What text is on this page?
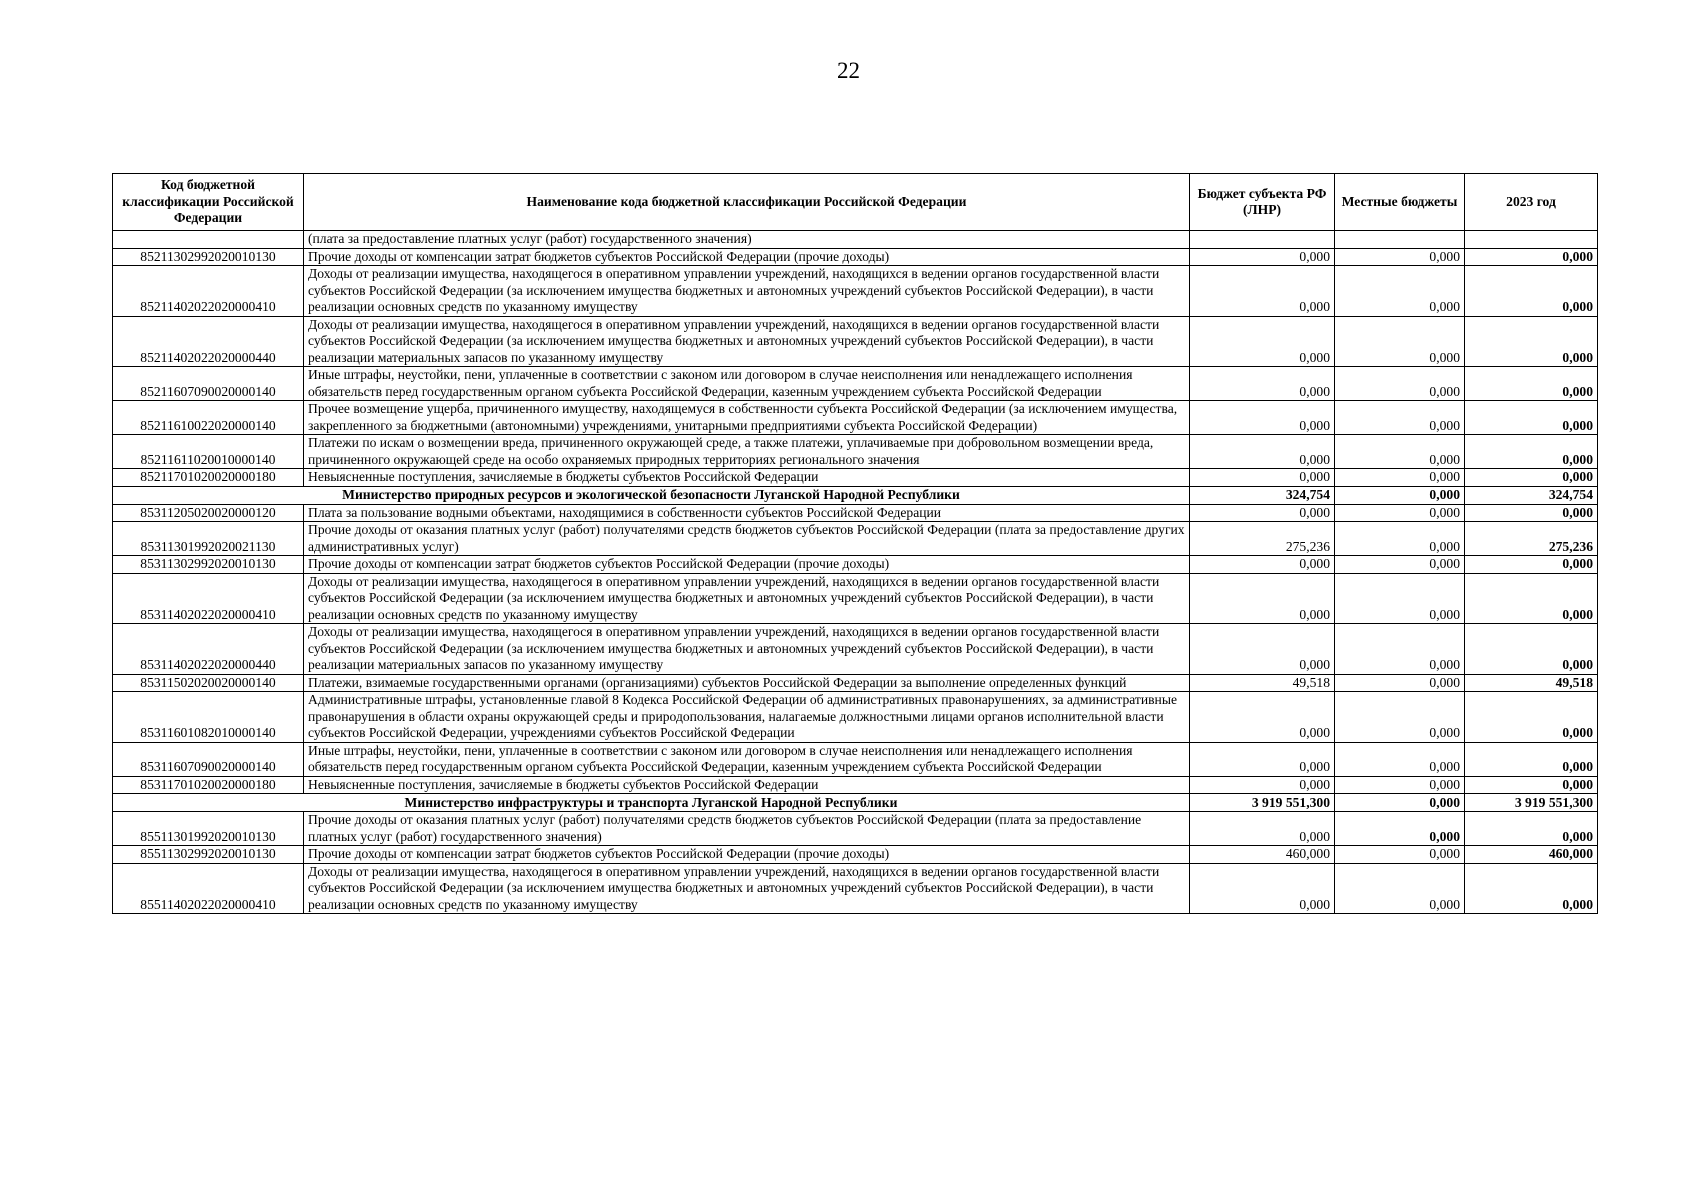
22
Код бюджетной классификации Российской Федерации	Наименование кода бюджетной классификации Российской Федерации	Бюджет субъекта РФ (ЛНР)	Местные бюджеты	2023 год
	(плата за предоставление платных услуг (работ) государственного значения)			
85211302992020010130	Прочие доходы от компенсации затрат бюджетов субъектов Российской Федерации (прочие доходы)	0,000	0,000	0,000
85211402022020000410	Доходы от реализации имущества, находящегося в оперативном управлении учреждений, находящихся в ведении органов государственной власти субъектов Российской Федерации (за исключением имущества бюджетных и автономных учреждений субъектов Российской Федерации), в части реализации основных средств по указанному имуществу	0,000	0,000	0,000
85211402022020000440	Доходы от реализации имущества, находящегося в оперативном управлении учреждений, находящихся в ведении органов государственной власти субъектов Российской Федерации (за исключением имущества бюджетных и автономных учреждений субъектов Российской Федерации), в части реализации материальных запасов по указанному имуществу	0,000	0,000	0,000
85211607090020000140	Иные штрафы, неустойки, пени, уплаченные в соответствии с законом или договором в случае неисполнения или ненадлежащего исполнения обязательств перед государственным органом субъекта Российской Федерации, казенным учреждением субъекта Российской Федерации	0,000	0,000	0,000
85211610022020000140	Прочее возмещение ущерба, причиненного имуществу, находящемуся в собственности субъекта Российской Федерации (за исключением имущества, закрепленного за бюджетными (автономными) учреждениями, унитарными предприятиями субъекта Российской Федерации)	0,000	0,000	0,000
85211611020010000140	Платежи по искам о возмещении вреда, причиненного окружающей среде, а также платежи, уплачиваемые при добровольном возмещении вреда, причиненного окружающей среде на особо охраняемых природных территориях регионального значения	0,000	0,000	0,000
85211701020020000180	Невыясненные поступления, зачисляемые в бюджеты субъектов Российской Федерации	0,000	0,000	0,000
Министерство природных ресурсов и экологической безопасности Луганской Народной Республики		324,754	0,000	324,754
85311205020020000120	Плата за пользование водными объектами, находящимися в собственности субъектов Российской Федерации	0,000	0,000	0,000
85311301992020021130	Прочие доходы от оказания платных услуг (работ) получателями средств бюджетов субъектов Российской Федерации (плата за предоставление других административных услуг)	275,236	0,000	275,236
85311302992020010130	Прочие доходы от компенсации затрат бюджетов субъектов Российской Федерации (прочие доходы)	0,000	0,000	0,000
85311402022020000410	Доходы от реализации имущества, находящегося в оперативном управлении учреждений, находящихся в ведении органов государственной власти субъектов Российской Федерации (за исключением имущества бюджетных и автономных учреждений субъектов Российской Федерации), в части реализации основных средств по указанному имуществу	0,000	0,000	0,000
85311402022020000440	Доходы от реализации имущества, находящегося в оперативном управлении учреждений, находящихся в ведении органов государственной власти субъектов Российской Федерации (за исключением имущества бюджетных и автономных учреждений субъектов Российской Федерации), в части реализации материальных запасов по указанному имуществу	0,000	0,000	0,000
85311502020020000140	Платежи, взимаемые государственными органами (организациями) субъектов Российской Федерации за выполнение определенных функций	49,518	0,000	49,518
85311601082010000140	Административные штрафы, установленные главой 8 Кодекса Российской Федерации об административных правонарушениях, за административные правонарушения в области охраны окружающей среды и природопользования, налагаемые должностными лицами органов исполнительной власти субъектов Российской Федерации, учреждениями субъектов Российской Федерации	0,000	0,000	0,000
85311607090020000140	Иные штрафы, неустойки, пени, уплаченные в соответствии с законом или договором в случае неисполнения или ненадлежащего исполнения обязательств перед государственным органом субъекта Российской Федерации, казенным учреждением субъекта Российской Федерации	0,000	0,000	0,000
85311701020020000180	Невыясненные поступления, зачисляемые в бюджеты субъектов Российской Федерации	0,000	0,000	0,000
Министерство инфраструктуры и транспорта Луганской Народной Республики		3 919 551,300	0,000	3 919 551,300
85511301992020010130	Прочие доходы от оказания платных услуг (работ) получателями средств бюджетов субъектов Российской Федерации (плата за предоставление платных услуг (работ) государственного значения)	0,000	0,000	0,000
85511302992020010130	Прочие доходы от компенсации затрат бюджетов субъектов Российской Федерации (прочие доходы)	460,000	0,000	460,000
85511402022020000410	Доходы от реализации имущества, находящегося в оперативном управлении учреждений, находящихся в ведении органов государственной власти субъектов Российской Федерации (за исключением имущества бюджетных и автономных учреждений субъектов Российской Федерации), в части реализации основных средств по указанному имуществу	0,000	0,000	0,000
